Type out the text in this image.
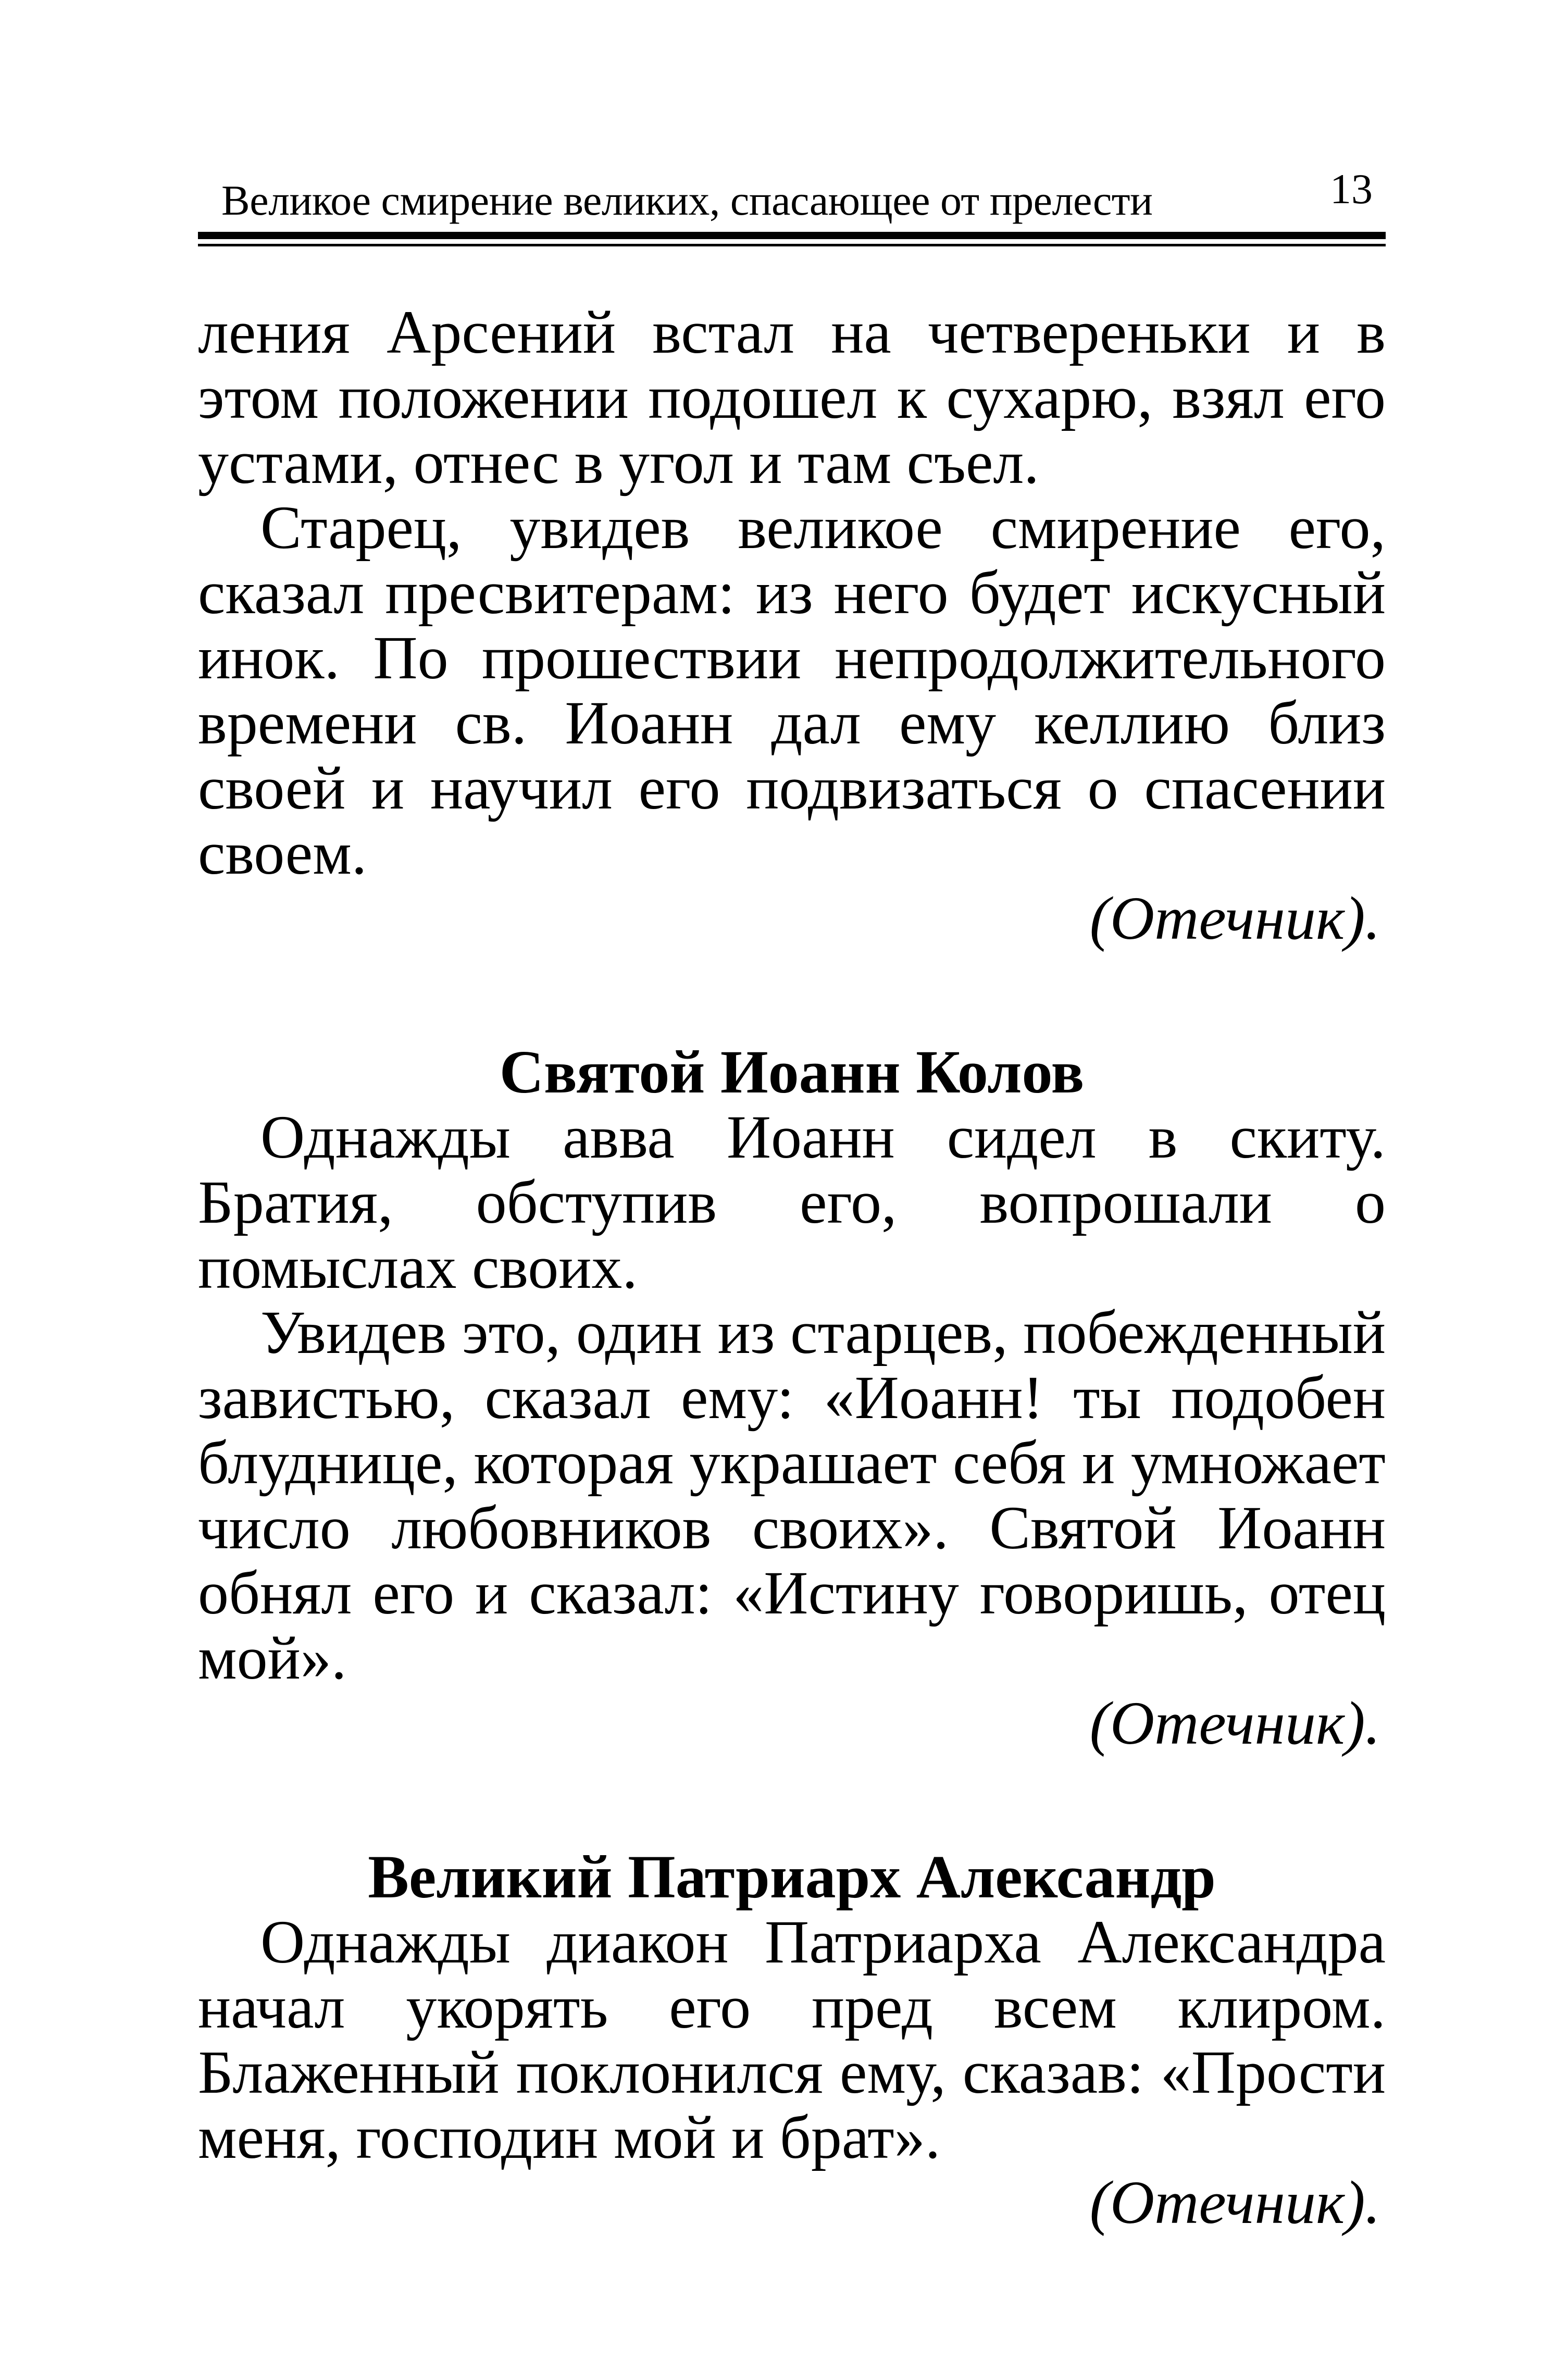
Великое смирение великих, спасающее от прелести	13

ления Арсений встал на четвереньки и в этом положении подошел к сухарю, взял его устами, отнес в угол и там съел.

Старец, увидев великое смирение его, сказал пресвитерам: из него будет искусный инок. По прошествии непродолжительного времени св. Иоанн дал ему келлию близ своей и научил его подвизаться о спасении своем.

(Отечник).

Святой Иоанн Колов

Однажды авва Иоанн сидел в скиту. Братия, обступив его, вопрошали о помыслах своих.

Увидев это, один из старцев, побежденный завистью, сказал ему: «Иоанн! ты подобен блуднице, которая украшает себя и умножает число любовников своих». Святой Иоанн обнял его и сказал: «Истину говоришь, отец мой».

(Отечник).

Великий Патриарх Александр

Однажды диакон Патриарха Александра начал укорять его пред всем клиром. Блаженный поклонился ему, сказав: «Прости меня, господин мой и брат».

(Отечник).
